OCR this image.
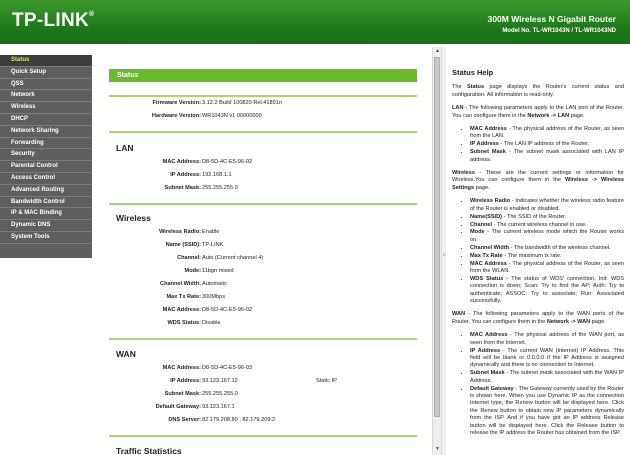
TP-LINK®	300M Wireless N Gigabit Router
Model No. TL-WR1043N / TL-WR1043ND
Status
Quick Setup
QSS
Network
Wireless
DHCP
Network Sharing
Forwarding
Security
Parental Control
Access Control
Advanced Routing
Bandwidth Control
IP & MAC Binding
Dynamic DNS
System Tools
Status
Firmware Version: 3.12.2 Build 100820 Rel.41891n
Hardware Version: WR1043N v1 00000000
LAN
MAC Address: D8-5D-4C-E5-96-02
IP Address: 192.168.1.1
Subnet Mask: 255.255.255.0
Wireless
Wireless Radio: Enable
Name (SSID): TP-LINK
Channel: Auto (Current channel 4)
Mode: 11bgn mixed
Channel Width: Automatic
Max Tx Rate: 300Mbps
MAC Address: D8-5D-4C-E5-96-02
WDS Status: Disable
WAN
MAC Address: D8-5D-4C-E5-96-03
IP Address: 93.123.167.12	Static IP
Subnet Mask: 255.255.255.0
Default Gateway: 93.123.167.1
DNS Server: 82.179.208.80 , 82.179.209.2
Traffic Statistics
▲
▼
≡
Status Help

The Status page displays the Router's current status and configuration. All information is read-only.

LAN - The following parameters apply to the LAN port of the Router. You can configure them in the Network -> LAN page.

• MAC Address - The physical address of the Router, as seen from the LAN.
• IP Address - The LAN IP address of the Router.
• Subnet Mask - The subnet mask associated with LAN IP address.

Wireless - These are the current settings or information for Wireless.You can configure them in the Wireless -> Wireless Settings page.

• Wireless Radio - Indicates whether the wireless radio feature of the Router is enabled or disabled.
• Name(SSID) - The SSID of the Router.
• Channel - The current wireless channel in use.
• Mode - The current wireless mode which the Router works on.
• Channel Width - The bandwidth of the wireless channel.
• Max Tx Rate - The maximum tx rate.
• MAC Address - The physical address of the Router, as seen from the WLAN.
• WDS Status - The status of WDS' connection, Init: WDS connection is down; Scan: Try to find the AP; Auth: Try to authenticate; ASSOC: Try to associate; Run: Associated successfully.

WAN - The following parameters apply to the WAN ports of the Router. You can configure them in the Network -> WAN page.

• MAC Address - The physical address of the WAN port, as seen from the Internet.
• IP Address - The current WAN (Internet) IP Address. This field will be blank or 0.0.0.0 if the IP Address is assigned dynamically and there is no connection to Internet.
• Subnet Mask - The subnet mask associated with the WAN IP Address.
• Default Gateway - The Gateway currently used by the Router is shown here. When you use Dynamic IP as the connection Internet type, the Renew button will be displayed here. Click the Renew button to obtain new IP parameters dynamically from the ISP. And if you have got an IP address Release button will be displayed here. Click the Release button to release the IP address the Router has obtained from the ISP.
